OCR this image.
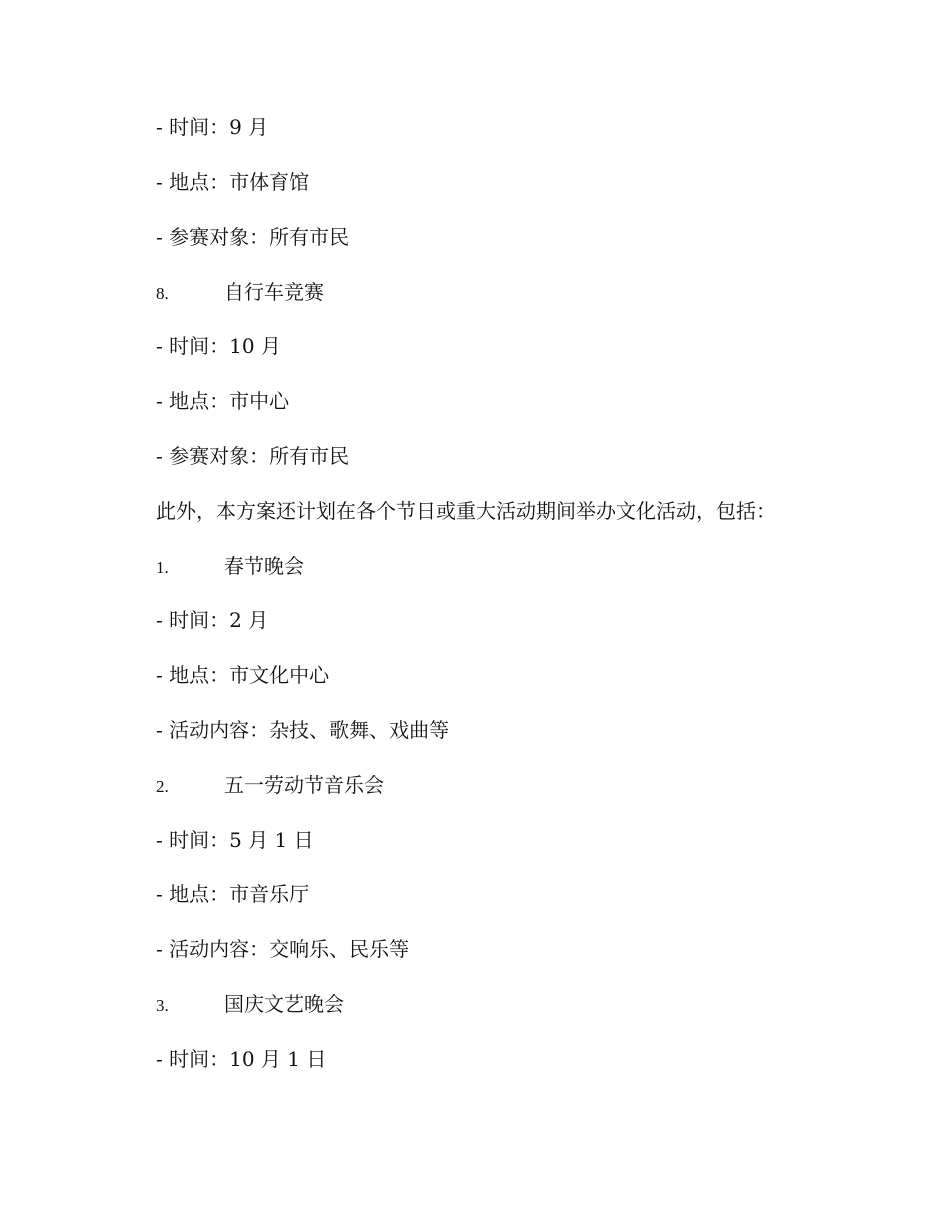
- 时间：9 月
- 地点：市体育馆
- 参赛对象：所有市民
8.	自行车竞赛
- 时间：10 月
- 地点：市中心
- 参赛对象：所有市民
此外，本方案还计划在各个节日或重大活动期间举办文化活动，包括：
1.	春节晚会
- 时间：2 月
- 地点：市文化中心
- 活动内容：杂技、歌舞、戏曲等
2.	五一劳动节音乐会
- 时间：5 月 1 日
- 地点：市音乐厅
- 活动内容：交响乐、民乐等
3.	国庆文艺晚会
- 时间：10 月 1 日
